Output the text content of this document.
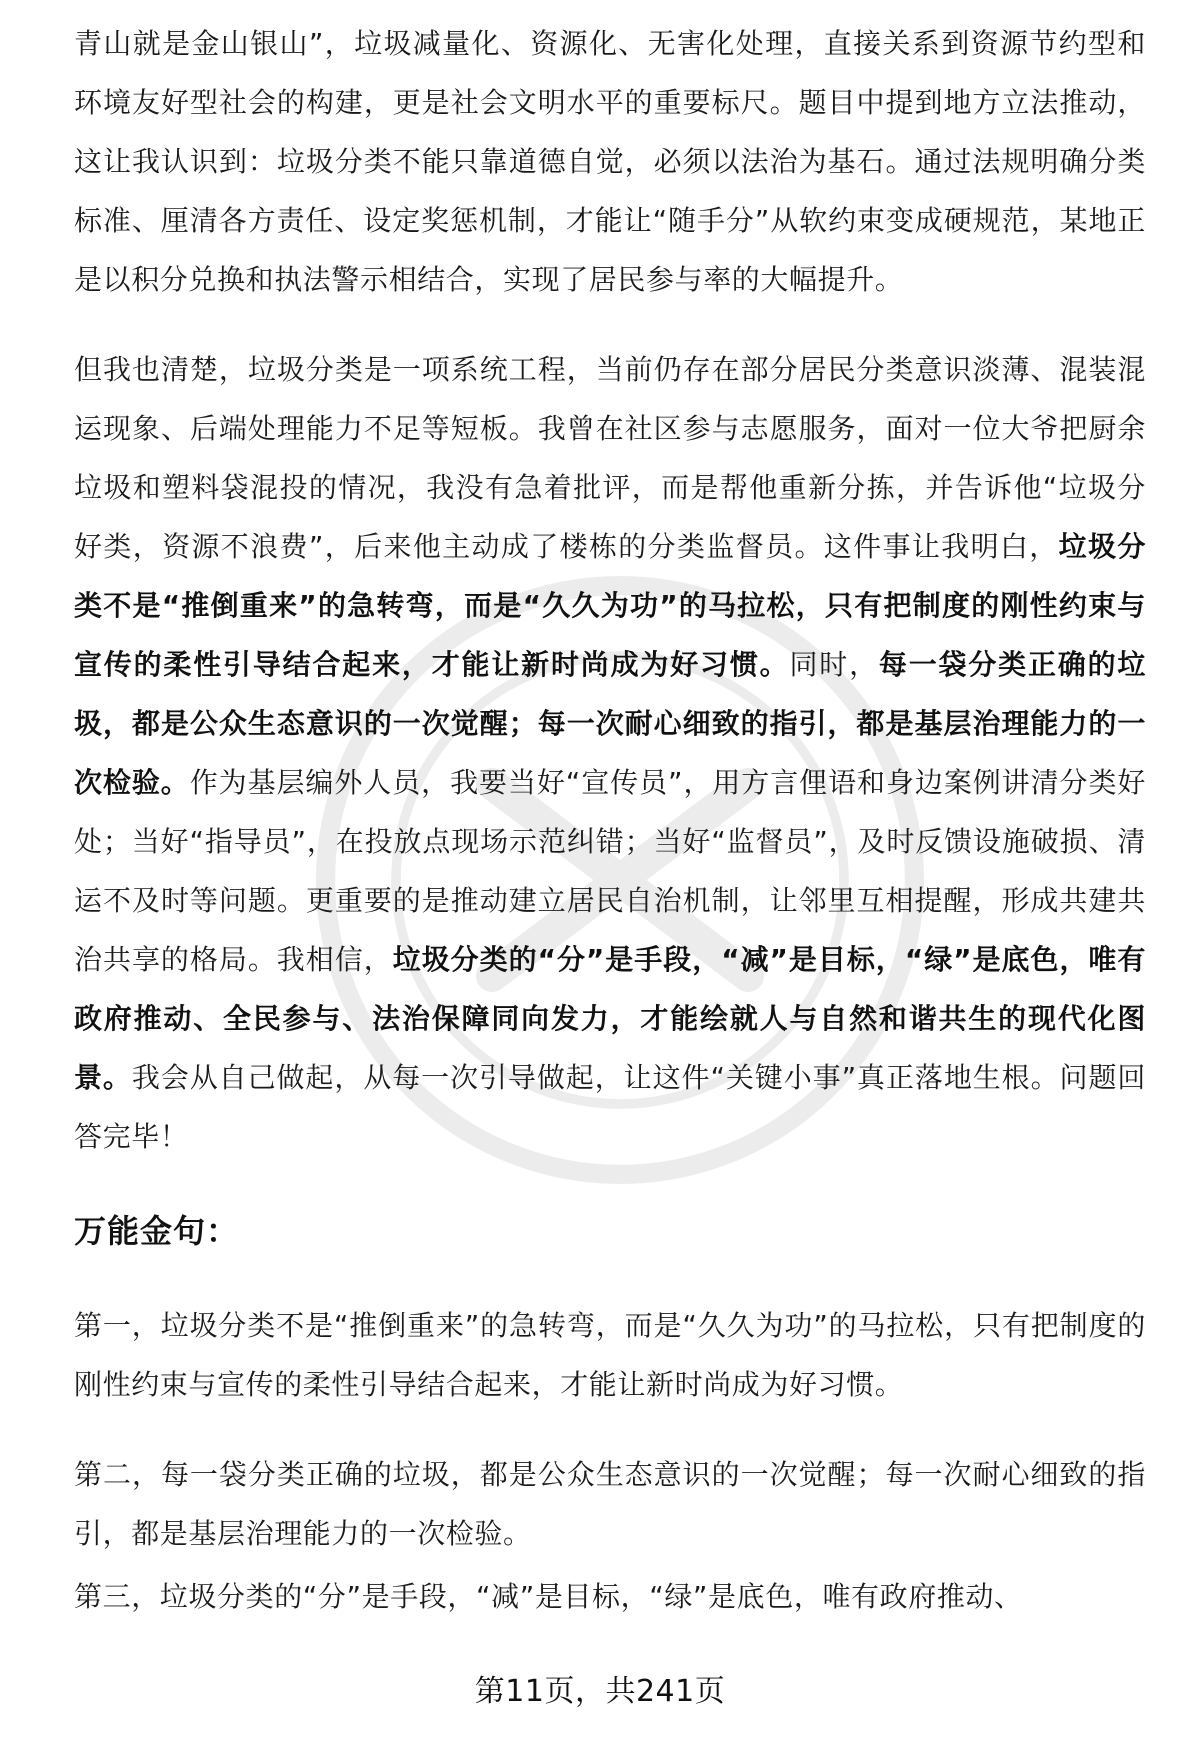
青山就是金山银山”，垃圾减量化、资源化、无害化处理，直接关系到资源节约型和环境友好型社会的构建，更是社会文明水平的重要标尺。题目中提到地方立法推动，这让我认识到：垃圾分类不能只靠道德自觉，必须以法治为基石。通过法规明确分类标准、厘清各方责任、设定奖惩机制，才能让“随手分”从软约束变成硬规范，某地正是以积分兑换和执法警示相结合，实现了居民参与率的大幅提升。

但我也清楚，垃圾分类是一项系统工程，当前仍存在部分居民分类意识淡薄、混装混运现象、后端处理能力不足等短板。我曾在社区参与志愿服务，面对一位大爷把厨余垃圾和塑料袋混投的情况，我没有急着批评，而是帮他重新分拣，并告诉他“垃圾分好类，资源不浪费”，后来他主动成了楼栋的分类监督员。这件事让我明白，垃圾分类不是“推倒重来”的急转弯，而是“久久为功”的马拉松，只有把制度的刚性约束与宣传的柔性引导结合起来，才能让新时尚成为好习惯。同时，每一袋分类正确的垃圾，都是公众生态意识的一次觉醒；每一次耐心细致的指引，都是基层治理能力的一次检验。作为基层编外人员，我要当好“宣传员”，用方言俚语和身边案例讲清分类好处；当好“指导员”，在投放点现场示范纠错；当好“监督员”，及时反馈设施破损、清运不及时等问题。更重要的是推动建立居民自治机制，让邻里互相提醒，形成共建共治共享的格局。我相信，垃圾分类的“分”是手段，“减”是目标，“绿”是底色，唯有政府推动、全民参与、法治保障同向发力，才能绘就人与自然和谐共生的现代化图景。我会从自己做起，从每一次引导做起，让这件“关键小事”真正落地生根。问题回答完毕！

万能金句：

第一，垃圾分类不是“推倒重来”的急转弯，而是“久久为功”的马拉松，只有把制度的刚性约束与宣传的柔性引导结合起来，才能让新时尚成为好习惯。

第二，每一袋分类正确的垃圾，都是公众生态意识的一次觉醒；每一次耐心细致的指引，都是基层治理能力的一次检验。

第三，垃圾分类的“分”是手段，“减”是目标，“绿”是底色，唯有政府推动、

第11页，共241页
